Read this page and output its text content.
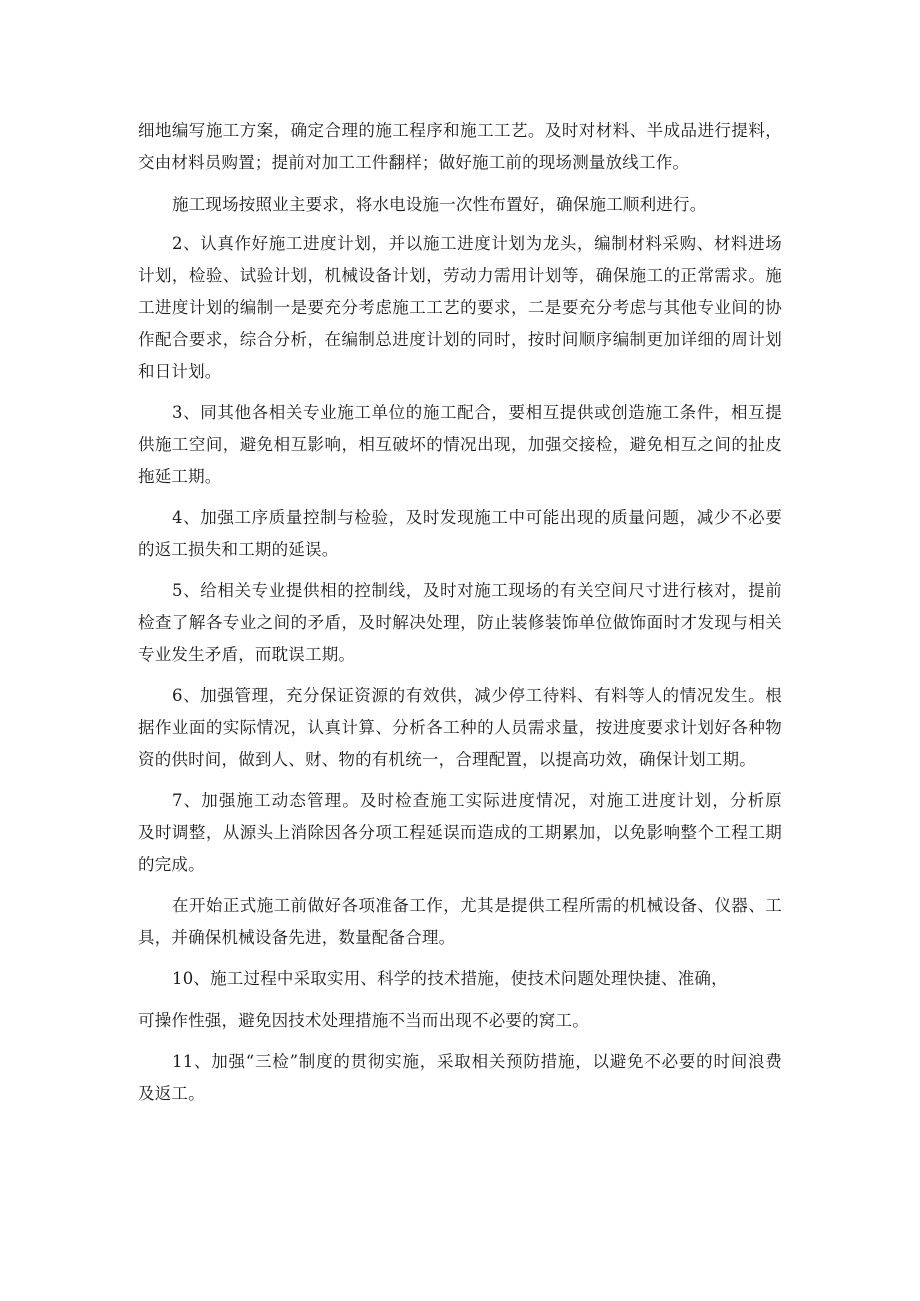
细地编写施工方案，确定合理的施工程序和施工工艺。及时对材料、半成品进行提料，
交由材料员购置；提前对加工工件翻样；做好施工前的现场测量放线工作。
施工现场按照业主要求，将水电设施一次性布置好，确保施工顺利进行。
2、认真作好施工进度计划，并以施工进度计划为龙头，编制材料采购、材料进场
计划，检验、试验计划，机械设备计划，劳动力需用计划等，确保施工的正常需求。施
工进度计划的编制一是要充分考虑施工工艺的要求，二是要充分考虑与其他专业间的协
作配合要求，综合分析，在编制总进度计划的同时，按时间顺序编制更加详细的周计划
和日计划。
3、同其他各相关专业施工单位的施工配合，要相互提供或创造施工条件，相互提
供施工空间，避免相互影响，相互破坏的情况出现，加强交接检，避免相互之间的扯皮
拖延工期。
4、加强工序质量控制与检验，及时发现施工中可能出现的质量问题，减少不必要
的返工损失和工期的延误。
5、给相关专业提供相的控制线，及时对施工现场的有关空间尺寸进行核对，提前
检查了解各专业之间的矛盾，及时解决处理，防止装修装饰单位做饰面时才发现与相关
专业发生矛盾，而耽误工期。
6、加强管理，充分保证资源的有效供，减少停工待料、有料等人的情况发生。根
据作业面的实际情况，认真计算、分析各工种的人员需求量，按进度要求计划好各种物
资的供时间，做到人、财、物的有机统一，合理配置，以提高功效，确保计划工期。
7、加强施工动态管理。及时检查施工实际进度情况，对施工进度计划，分析原
及时调整，从源头上消除因各分项工程延误而造成的工期累加，以免影响整个工程工期
的完成。
在开始正式施工前做好各项准备工作，尤其是提供工程所需的机械设备、仪器、工
具，并确保机械设备先进，数量配备合理。
10、施工过程中采取实用、科学的技术措施，使技术问题处理快捷、准确，
可操作性强，避免因技术处理措施不当而出现不必要的窝工。
11、加强“三检”制度的贯彻实施，采取相关预防措施，以避免不必要的时间浪费
及返工。
